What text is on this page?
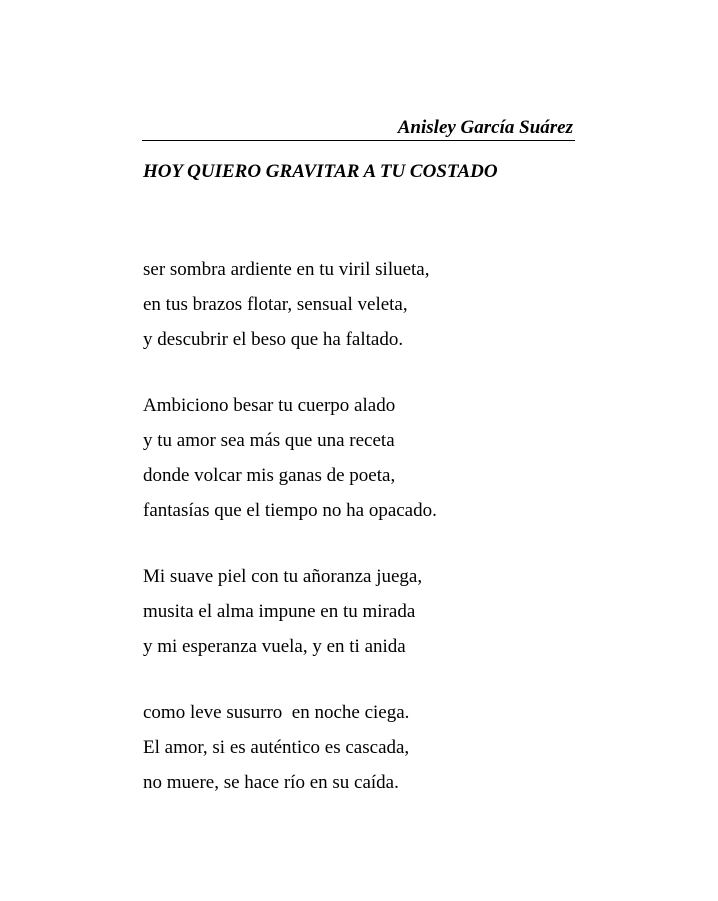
Anisley García Suárez

HOY QUIERO GRAVITAR A TU COSTADO

ser sombra ardiente en tu viril silueta,
en tus brazos flotar, sensual veleta,
y descubrir el beso que ha faltado.
Ambiciono besar tu cuerpo alado
y tu amor sea más que una receta
donde volcar mis ganas de poeta,
fantasías que el tiempo no ha opacado.
Mi suave piel con tu añoranza juega,
musita el alma impune en tu mirada
y mi esperanza vuela, y en ti anida
como leve susurro  en noche ciega.
El amor, si es auténtico es cascada,
no muere, se hace río en su caída.
